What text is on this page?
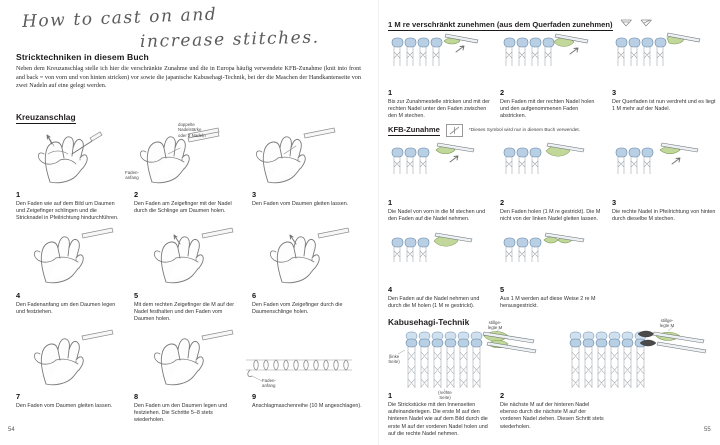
How to cast on and
increase stitches.
Stricktechniken in diesem Buch

Neben dem Kreuzanschlag stelle ich hier die verschränkte Zunahme und die in Europa häufig verwendete KFB-Zunahme (knit into front and back = von vorn und von hinten stricken) vor sowie die japanische Kabusehagi-Technik, bei der die Maschen der Handkantenseite von zwei Nadeln auf eine gelegt werden.

Kreuzanschlag
Faden-
anfang
doppelte
Nadelstärke
oder 2 Nadeln
1
Den Faden wie auf dem Bild um Daumen und Zeigefinger schlingen und die Stricknadel in Pfeilrichtung hindurchführen.
2
Den Faden am Zeigefinger mit der Nadel durch die Schlinge am Daumen holen.
3
Den Faden vom Daumen gleiten lassen.
4
Den Fadenanfang um den Daumen legen und festziehen.
5
Mit dem rechten Zeigefinger die M auf der Nadel festhalten und den Faden vom Daumen holen.
6
Den Faden vom Zeigefinger durch die Daumenschlinge holen.
Faden-
anfang
7
Den Faden vom Daumen gleiten lassen.
8
Den Faden um den Daumen legen und festziehen. Die Schritte 5–8 stets wiederholen.
9
Anschlagmaschenreihe (10 M angeschlagen).
54
1 M re verschränkt zunehmen (aus dem Querfaden zunehmen)

1
Bis zur Zunahmestelle stricken und mit der rechten Nadel unter den Faden zwischen den M stechen.
2
Den Faden mit der rechten Nadel holen und den aufgenommenen Faden abstricken.
3
Der Querfaden ist nun verdreht und es liegt 1 M mehr auf der Nadel.
KFB-Zunahme	*Dieses Symbol wird nur in diesem Buch verwendet.
1
Die Nadel von vorn in die M stechen und den Faden auf die Nadel nehmen.
2
Den Faden holen (1 M re gestrickt). Die M nicht von der linken Nadel gleiten lassen.
3
Die rechte Nadel in Pfeilrichtung von hinten durch dieselbe M stechen.
4
Den Faden auf die Nadel nehmen und durch die M holen (1 M re gestrickt).
5
Aus 1 M werden auf diese Weise 2 re M herausgestrickt.
Kabusehagi-Technik
(linke
Seite)
(rechte
Seite)
stillge-
legte M
stillge-
legte M
1
Die Strickstücke mit den Innenseiten aufeinanderlegen. Die erste M auf den hinteren Nadel wie auf dem Bild durch die erste M auf der vorderen Nadel holen und auf die rechte Nadel nehmen.
2
Die nächste M auf der hinteren Nadel ebenso durch die nächste M auf der vorderen Nadel ziehen. Diesen Schritt stets wiederholen.
55
